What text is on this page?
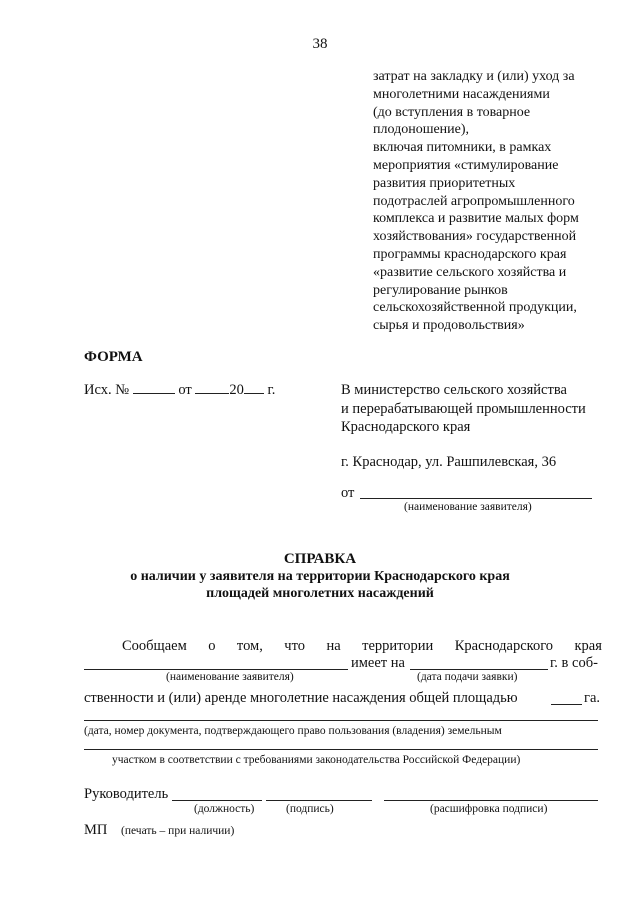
38
затрат на закладку и (или) уход за
многолетними насаждениями
(до вступления в товарное
плодоношение),
включая питомники, в рамках
мероприятия «стимулирование
развития приоритетных
подотраслей агропромышленного
комплекса и развитие малых форм
хозяйствования» государственной
программы краснодарского края
«развитие сельского хозяйства и
регулирование рынков
сельскохозяйственной продукции,
сырья и продовольствия»
ФОРМА
Исх. №	от	20 г.	В министерство сельского хозяйства
и перерабатывающей промышленности
Краснодарского края
г. Краснодар, ул. Рашпилевская, 36
от
(наименование заявителя)
СПРАВКА
о наличии у заявителя на территории Краснодарского края
площадей многолетних насаждений
Сообщаем о том, что на территории Краснодарского края
имеет на	г. в соб-
(наименование заявителя)	(дата подачи заявки)
ственности и (или) аренде многолетние насаждения общей площадью	га.
(дата, номер документа, подтверждающего право пользования (владения) земельным
участком в соответствии с требованиями законодательства Российской Федерации)
Руководитель
(должность)	(подпись)	(расшифровка подписи)
МП (печать – при наличии)
